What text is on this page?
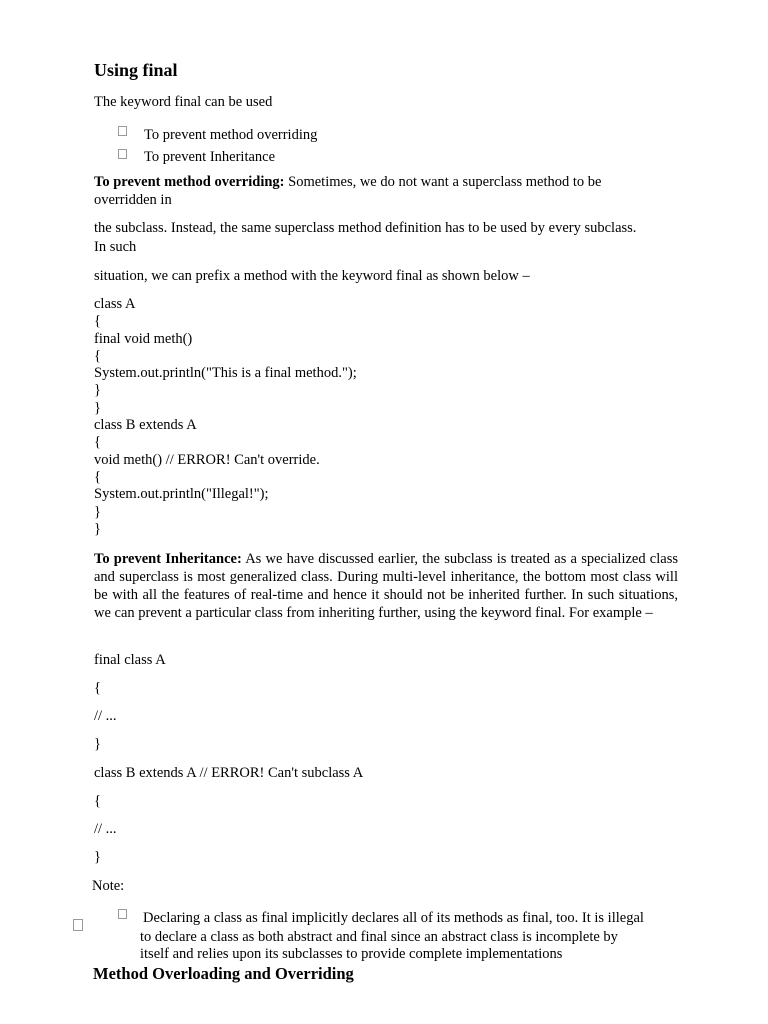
Using final
The keyword final can be used
To prevent method overriding
To prevent Inheritance
To prevent method overriding: Sometimes, we do not want a superclass method to be
overridden in
the subclass. Instead, the same superclass method definition has to be used by every subclass.
In such
situation, we can prefix a method with the keyword final as shown below –
class A
{
final void meth()
{
System.out.println("This is a final method.");
}
}
class B extends A
{
void meth() // ERROR! Can't override.
{
System.out.println("Illegal!");
}
}
To prevent Inheritance: As we have discussed earlier, the subclass is treated as a specialized class and superclass is most generalized class. During multi-level inheritance, the bottom most class will be with all the features of real-time and hence it should not be inherited further. In such situations, we can prevent a particular class from inheriting further, using the keyword final. For example –
final class A
{
// ...
}
class B extends A // ERROR! Can't subclass A
{
// ...
}
Note:
Declaring a class as final implicitly declares all of its methods as final, too. It is illegal
to declare a class as both abstract and final since an abstract class is incomplete by
itself and relies upon its subclasses to provide complete implementations
Method Overloading and Overriding
